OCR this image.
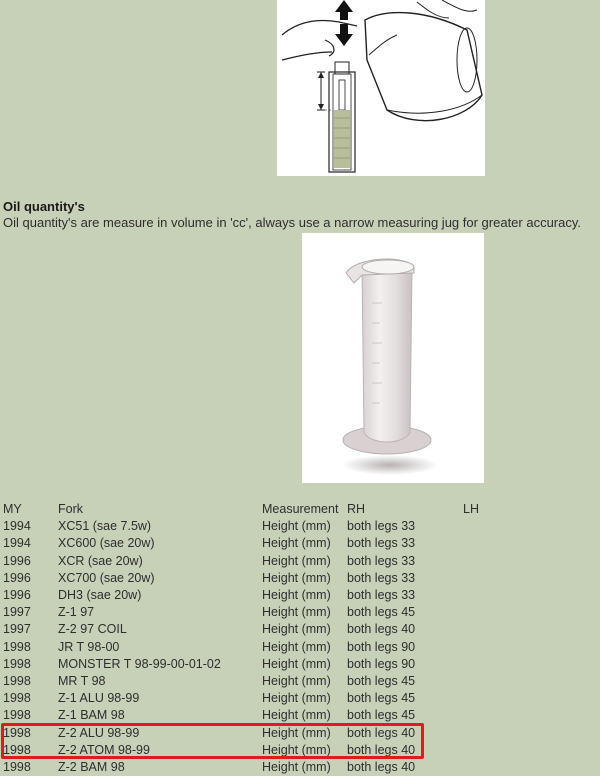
Oil quantity's
Oil quantity's are measure in volume in 'cc', always use a narrow measuring jug for greater accuracy.
MY	Fork	Measurement	RH	LH
1994	XC51 (sae 7.5w)	Height (mm)	both legs 33	
1994	XC600 (sae 20w)	Height (mm)	both legs 33	
1996	XCR (sae 20w)	Height (mm)	both legs 33	
1996	XC700 (sae 20w)	Height (mm)	both legs 33	
1996	DH3 (sae 20w)	Height (mm)	both legs 33	
1997	Z-1 97	Height (mm)	both legs 45	
1997	Z-2 97 COIL	Height (mm)	both legs 40	
1998	JR T 98-00	Height (mm)	both legs 90	
1998	MONSTER T 98-99-00-01-02	Height (mm)	both legs 90	
1998	MR T 98	Height (mm)	both legs 45	
1998	Z-1 ALU 98-99	Height (mm)	both legs 45	
1998	Z-1 BAM 98	Height (mm)	both legs 45	
1998	Z-2 ALU 98-99	Height (mm)	both legs 40	
1998	Z-2 ATOM 98-99	Height (mm)	both legs 40	
1998	Z-2 BAM 98	Height (mm)	both legs 40	
